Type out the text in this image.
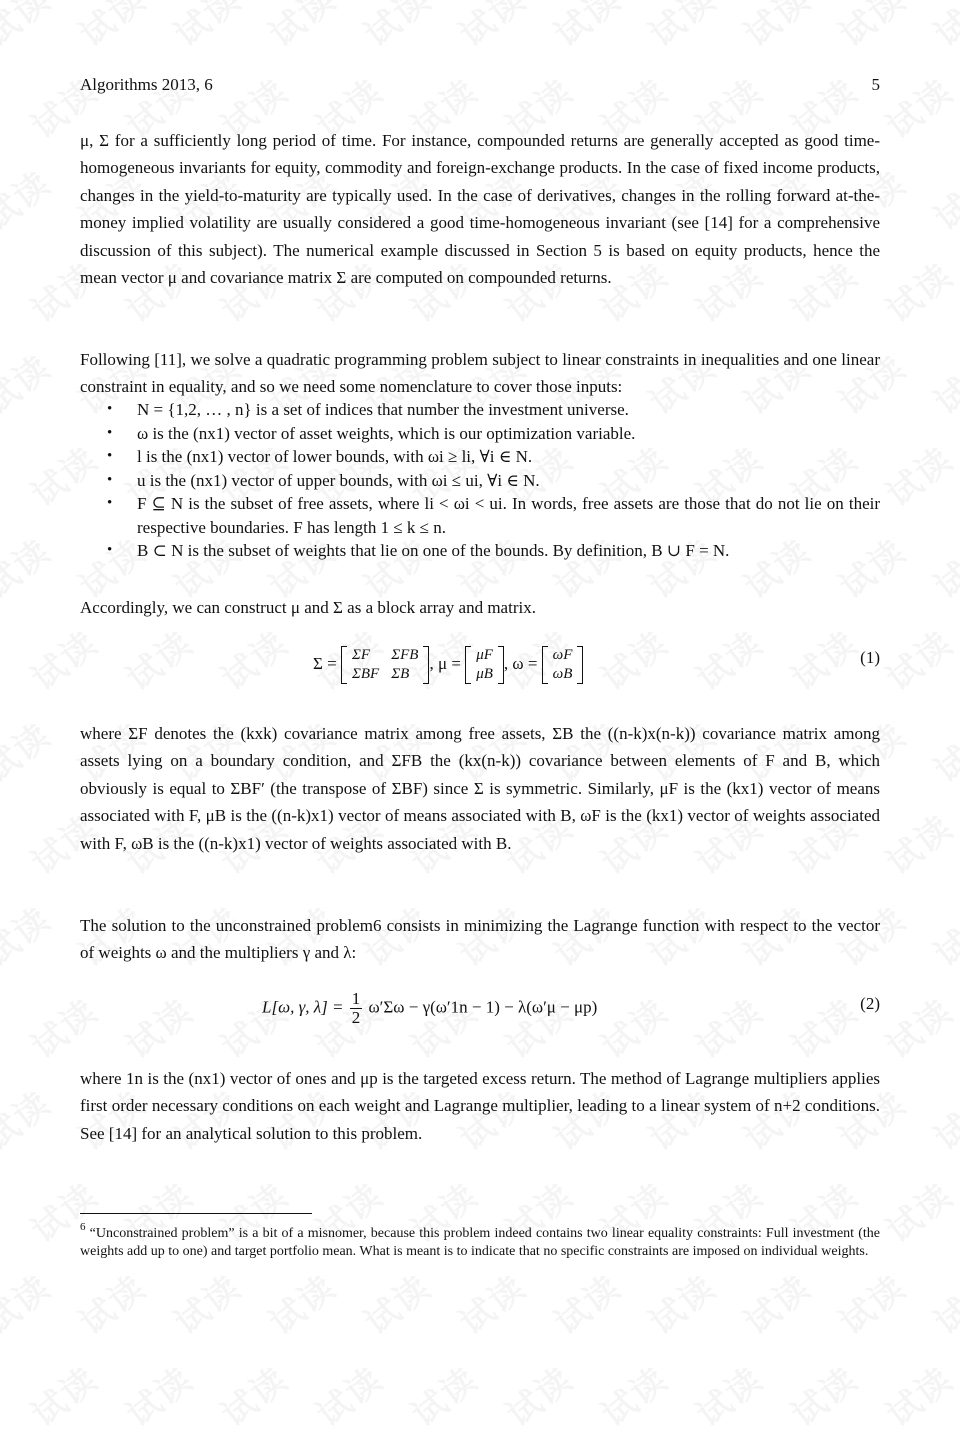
Algorithms 2013, 6	5
μ, Σ for a sufficiently long period of time. For instance, compounded returns are generally accepted as good time-homogeneous invariants for equity, commodity and foreign-exchange products. In the case of fixed income products, changes in the yield-to-maturity are typically used. In the case of derivatives, changes in the rolling forward at-the-money implied volatility are usually considered a good time-homogeneous invariant (see [14] for a comprehensive discussion of this subject). The numerical example discussed in Section 5 is based on equity products, hence the mean vector μ and covariance matrix Σ are computed on compounded returns.
Following [11], we solve a quadratic programming problem subject to linear constraints in inequalities and one linear constraint in equality, and so we need some nomenclature to cover those inputs:
• N = {1,2, … , n} is a set of indices that number the investment universe.
• ω is the (nx1) vector of asset weights, which is our optimization variable.
• l is the (nx1) vector of lower bounds, with ωi ≥ li, ∀i ∈ N.
• u is the (nx1) vector of upper bounds, with ωi ≤ ui, ∀i ∈ N.
• F ⊆ N is the subset of free assets, where li < ωi < ui. In words, free assets are those that do not lie on their respective boundaries. F has length 1 ≤ k ≤ n.
• B ⊂ N is the subset of weights that lie on one of the bounds. By definition, B ∪ F = N.
Accordingly, we can construct μ and Σ as a block array and matrix.
Σ = ΣF	ΣFB
ΣBF	ΣB
, μ = μF
μB
, ω = ωF
ωB
(1)
where ΣF denotes the (kxk) covariance matrix among free assets, ΣB the ((n-k)x(n-k)) covariance matrix among assets lying on a boundary condition, and ΣFB the (kx(n-k)) covariance between elements of F and B, which obviously is equal to ΣBF′ (the transpose of ΣBF) since Σ is symmetric. Similarly, μF is the (kx1) vector of means associated with F, μB is the ((n-k)x1) vector of means associated with B, ωF is the (kx1) vector of weights associated with F, ωB is the ((n-k)x1) vector of weights associated with B.
The solution to the unconstrained problem6 consists in minimizing the Lagrange function with respect to the vector of weights ω and the multipliers γ and λ:
L[ω, γ, $\lambda] = \frac{1}{2} \omega'\Sigma\omega - \gamma(\omega'1n - 1) - \lambda(\omega'\mu - \mu p)$	(2)
where 1n is the (nx1) vector of ones and μp is the targeted excess return. The method of Lagrange multipliers applies first order necessary conditions on each weight and Lagrange multiplier, leading to a linear system of n+2 conditions. See [14] for an analytical solution to this problem.
$^6$ “Unconstrained problem” is a bit of a misnomer, because this problem indeed contains two linear equality constraints: Full investment (the weights add up to one) and target portfolio mean. What is meant is to indicate that no specific constraints are imposed on individual weights.
